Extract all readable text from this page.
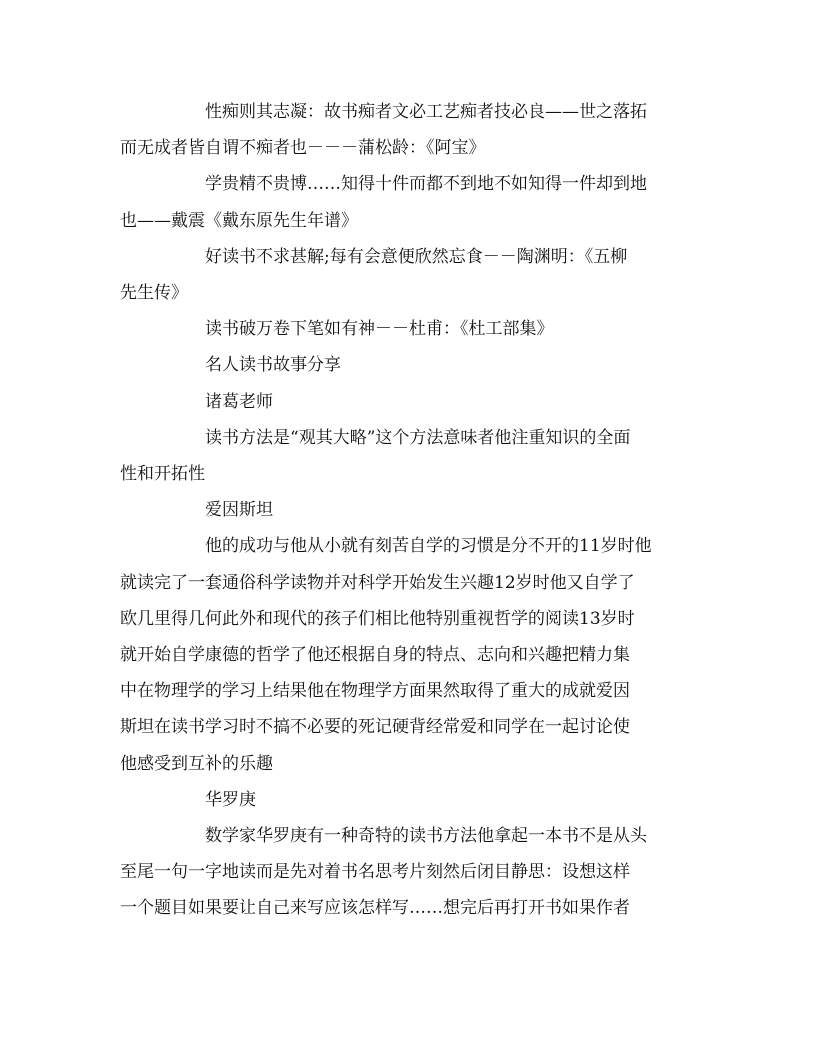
性痴则其志凝：故书痴者文必工艺痴者技必良——世之落拓
而无成者皆自谓不痴者也－－－蒲松龄：《阿宝》
学贵精不贵博……知得十件而都不到地不如知得一件却到地
也——戴震《戴东原先生年谱》
好读书不求甚解;每有会意便欣然忘食－－陶渊明：《五柳
先生传》
读书破万卷下笔如有神－－杜甫：《杜工部集》
名人读书故事分享
诸葛老师
读书方法是“观其大略”这个方法意味者他注重知识的全面
性和开拓性
爱因斯坦
他的成功与他从小就有刻苦自学的习惯是分不开的11岁时他
就读完了一套通俗科学读物并对科学开始发生兴趣12岁时他又自学了
欧几里得几何此外和现代的孩子们相比他特别重视哲学的阅读13岁时
就开始自学康德的哲学了他还根据自身的特点、志向和兴趣把精力集
中在物理学的学习上结果他在物理学方面果然取得了重大的成就爱因
斯坦在读书学习时不搞不必要的死记硬背经常爱和同学在一起讨论使
他感受到互补的乐趣
华罗庚
数学家华罗庚有一种奇特的读书方法他拿起一本书不是从头
至尾一句一字地读而是先对着书名思考片刻然后闭目静思：设想这样
一个题目如果要让自己来写应该怎样写……想完后再打开书如果作者
